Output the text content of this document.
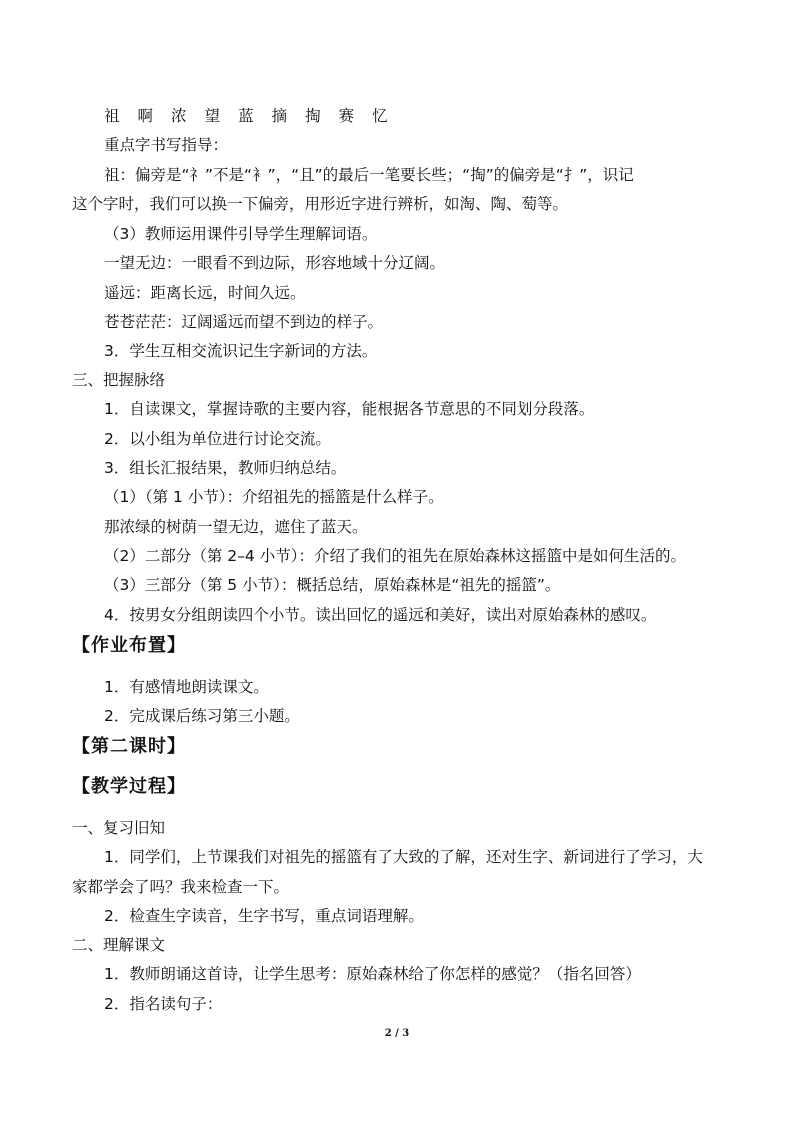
祖 啊 浓 望 蓝 摘 掏 赛 忆
重点字书写指导：
祖：偏旁是“礻”不是“衤”，“且”的最后一笔要长些；“掏”的偏旁是“扌”，识记
这个字时，我们可以换一下偏旁，用形近字进行辨析，如淘、陶、萄等。
（3）教师运用课件引导学生理解词语。
一望无边：一眼看不到边际，形容地域十分辽阔。
遥远：距离长远，时间久远。
苍苍茫茫：辽阔遥远而望不到边的样子。
3．学生互相交流识记生字新词的方法。
三、把握脉络
1．自读课文，掌握诗歌的主要内容，能根据各节意思的不同划分段落。
2．以小组为单位进行讨论交流。
3．组长汇报结果，教师归纳总结。
（1）（第 1 小节）：介绍祖先的摇篮是什么样子。
那浓绿的树荫一望无边，遮住了蓝天。
（2）二部分（第 2–4 小节）：介绍了我们的祖先在原始森林这摇篮中是如何生活的。
（3）三部分（第 5 小节）：概括总结，原始森林是“祖先的摇篮”。
4．按男女分组朗读四个小节。读出回忆的遥远和美好，读出对原始森林的感叹。
【作业布置】
1．有感情地朗读课文。
2．完成课后练习第三小题。
【第二课时】
【教学过程】
一、复习旧知
1．同学们，上节课我们对祖先的摇篮有了大致的了解，还对生字、新词进行了学习，大
家都学会了吗？我来检查一下。
2．检查生字读音，生字书写，重点词语理解。
二、理解课文
1．教师朗诵这首诗，让学生思考：原始森林给了你怎样的感觉？（指名回答）
2．指名读句子：
2 / 3
